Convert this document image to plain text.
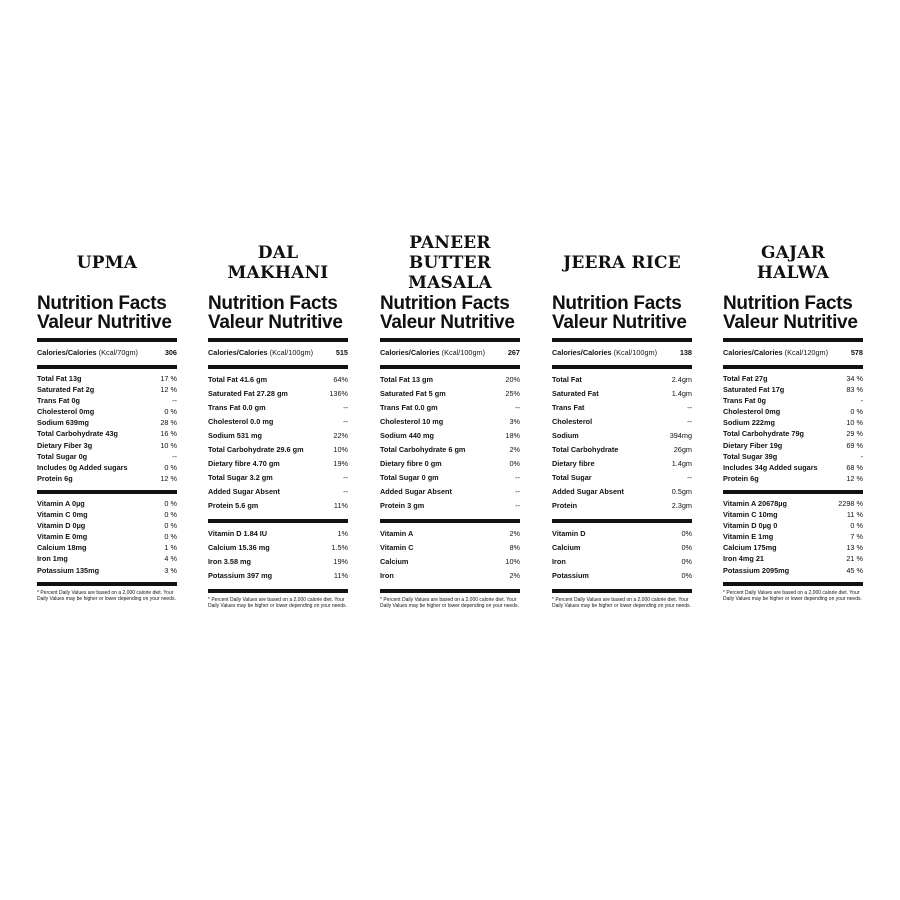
UPMA
Nutrition Facts
Valeur Nutritive
Calories/Calories (Kcal/70gm)	306
Total Fat 13g	17 %
Saturated Fat 2g	12 %
Trans Fat 0g	--
Cholesterol 0mg	0 %
Sodium 639mg	28 %
Total Carbohydrate 43g	16 %
Dietary Fiber 3g	10 %
Total Sugar 0g	--
Includes 0g Added sugars	0 %
Protein 6g	12 %
Vitamin A 0µg	0 %
Vitamin C 0mg	0 %
Vitamin D 0µg	0 %
Vitamin E 0mg	0 %
Calcium 18mg	1 %
Iron 1mg	4 %
Potassium 135mg	3 %
* Percent Daily Values are based on a 2,000 calorie diet. Your Daily Values may be higher or lower depending on your needs.
DAL MAKHANI
Nutrition Facts
Valeur Nutritive
Calories/Calories (Kcal/100gm)	515
Total Fat 41.6 gm	64%
Saturated Fat 27.28 gm	136%
Trans Fat 0.0 gm	--
Cholesterol 0.0 mg	--
Sodium 531 mg	22%
Total Carbohydrate 29.6 gm	10%
Dietary fibre 4.70 gm	19%
Total Sugar 3.2 gm	--
Added Sugar Absent	--
Protein 5.6 gm	11%
Vitamin D 1.84 IU	1%
Calcium 15.36 mg	1.5%
Iron 3.58 mg	19%
Potassium 397 mg	11%
* Percent Daily Values are based on a 2,000 calorie diet. Your Daily Values may be higher or lower depending on your needs.
PANEER BUTTER MASALA
Nutrition Facts
Valeur Nutritive
Calories/Calories (Kcal/100gm)	267
Total Fat 13 gm	20%
Saturated Fat 5 gm	25%
Trans Fat 0.0 gm	--
Cholesterol 10 mg	3%
Sodium 440 mg	18%
Total Carbohydrate 6 gm	2%
Dietary fibre 0 gm	0%
Total Sugar 0 gm	--
Added Sugar Absent	--
Protein 3 gm	--
Vitamin A	2%
Vitamin C	8%
Calcium	10%
Iron	2%
* Percent Daily Values are based on a 2,000 calorie diet. Your Daily Values may be higher or lower depending on your needs.
JEERA RICE
Nutrition Facts
Valeur Nutritive
Calories/Calories (Kcal/100gm)	138
Total Fat	2.4gm
Saturated Fat	1.4gm
Trans Fat	--
Cholesterol	--
Sodium	394mg
Total Carbohydrate	26gm
Dietary fibre	1.4gm
Total Sugar	--
Added Sugar Absent	0.5gm
Protein	2.3gm
Vitamin D	0%
Calcium	0%
Iron	0%
Potassium	0%
* Percent Daily Values are based on a 2,000 calorie diet. Your Daily Values may be higher or lower depending on your needs.
GAJAR HALWA
Nutrition Facts
Valeur Nutritive
Calories/Calories (Kcal/120gm)	578
Total Fat 27g	34 %
Saturated Fat 17g	83 %
Trans Fat 0g	-
Cholesterol 0mg	0 %
Sodium 222mg	10 %
Total Carbohydrate 79g	29 %
Dietary Fiber 19g	69 %
Total Sugar 39g	-
Includes 34g Added sugars	68 %
Protein 6g	12 %
Vitamin A 20678µg	2298 %
Vitamin C 10mg	11 %
Vitamin D 0µg 0	0 %
Vitamin E 1mg	7 %
Calcium 175mg	13 %
Iron 4mg 21	21 %
Potassium 2095mg	45 %
* Percent Daily Values are based on a 2,000 calorie diet. Your Daily Values may be higher or lower depending on your needs.
